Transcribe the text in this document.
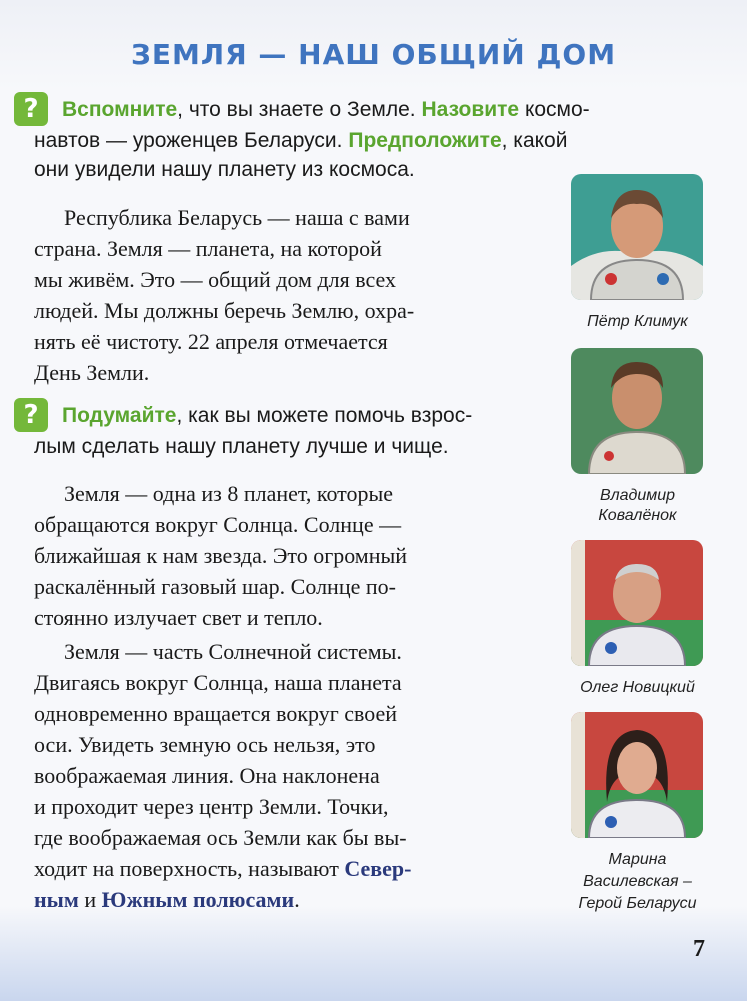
ЗЕМЛЯ — НАШ ОБЩИЙ ДОМ
?	Вспомните, что вы знаете о Земле. Назовите космо-
навтов — уроженцев Беларуси. Предположите, какой
они увидели нашу планету из космоса.
Республика Беларусь — наша с вами
страна. Земля — планета, на которой
мы живём. Это — общий дом для всех
людей. Мы должны беречь Землю, охра-
нять её чистоту. 22 апреля отмечается
День Земли.
?	Подумайте, как вы можете помочь взрос-
лым сделать нашу планету лучше и чище.
Земля — одна из 8 планет, которые
обращаются вокруг Солнца. Солнце —
ближайшая к нам звезда. Это огромный
раскалённый газовый шар. Солнце по-
стоянно излучает свет и тепло.
Земля — часть Солнечной системы.
Двигаясь вокруг Солнца, наша планета
одновременно вращается вокруг своей
оси. Увидеть земную ось нельзя, это
воображаемая линия. Она наклонена
и проходит через центр Земли. Точки,
где воображаемая ось Земли как бы вы-
ходит на поверхность, называют Север-
ным и Южным полюсами.
Пётр Климук
Владимир
Ковалёнок
Олег Новицкий
Марина
Василевская –
Герой Беларуси
7
